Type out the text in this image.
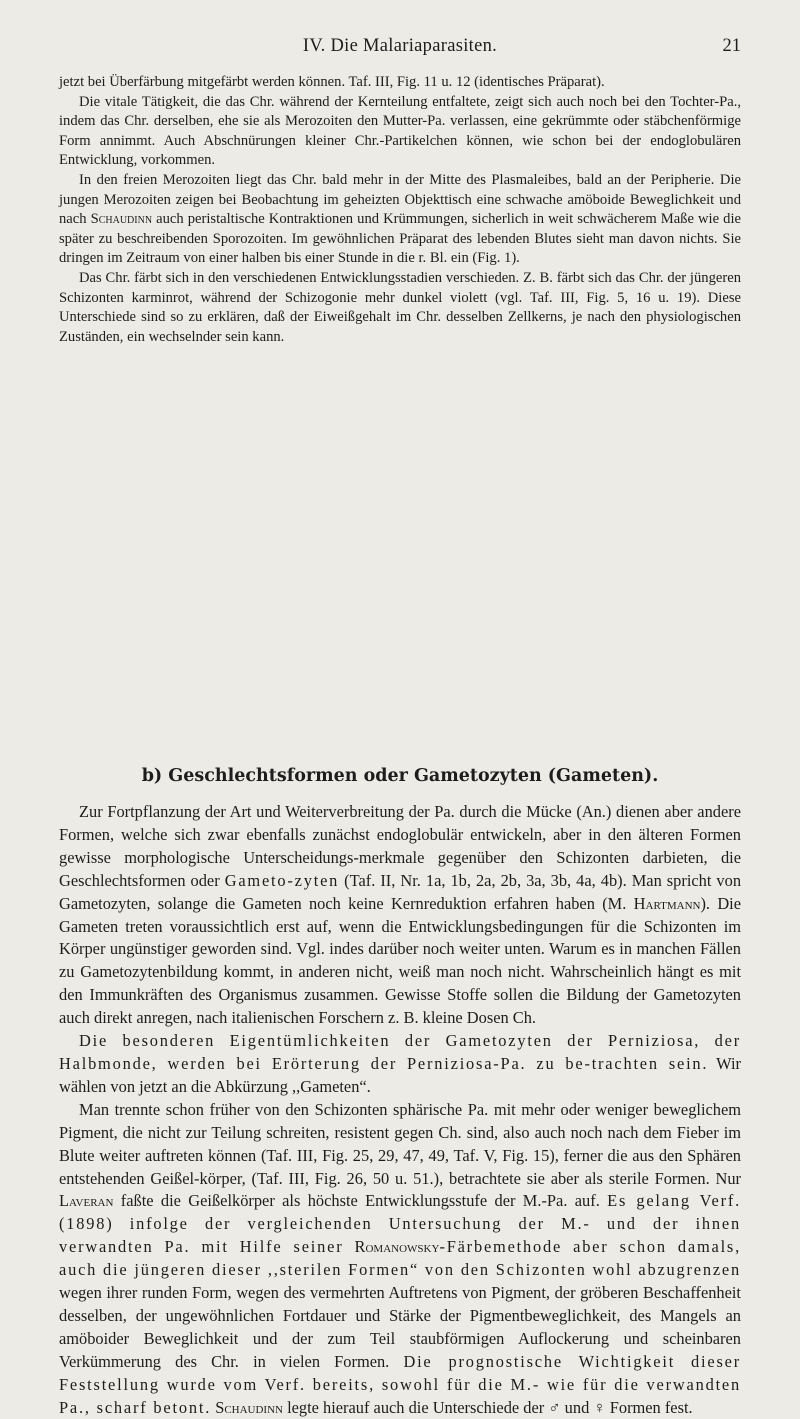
IV. Die Malariaparasiten.	21

jetzt bei Überfärbung mitgefärbt werden können. Taf. III, Fig. 11 u. 12 (identisches Präparat).

Die vitale Tätigkeit, die das Chr. während der Kernteilung entfaltete, zeigt sich auch noch bei den Tochter-Pa., indem das Chr. derselben, ehe sie als Merozoiten den Mutter-Pa. verlassen, eine gekrümmte oder stäbchenförmige Form annimmt. Auch Abschnürungen kleiner Chr.-Partikelchen können, wie schon bei der endoglobulären Entwicklung, vorkommen.

In den freien Merozoiten liegt das Chr. bald mehr in der Mitte des Plasmaleibes, bald an der Peripherie. Die jungen Merozoiten zeigen bei Beobachtung im geheizten Objekttisch eine schwache amöboide Beweglichkeit und nach Schaudinn auch peristaltische Kontraktionen und Krümmungen, sicherlich in weit schwächerem Maße wie die später zu beschreibenden Sporozoiten. Im gewöhnlichen Präparat des lebenden Blutes sieht man davon nichts. Sie dringen im Zeitraum von einer halben bis einer Stunde in die r. Bl. ein (Fig. 1).

Das Chr. färbt sich in den verschiedenen Entwicklungsstadien verschieden. Z. B. färbt sich das Chr. der jüngeren Schizonten karminrot, während der Schizogonie mehr dunkel violett (vgl. Taf. III, Fig. 5, 16 u. 19). Diese Unterschiede sind so zu erklären, daß der Eiweißgehalt im Chr. desselben Zellkerns, je nach den physiologischen Zuständen, ein wechselnder sein kann.

b) Geschlechtsformen oder Gametozyten (Gameten).

Zur Fortpflanzung der Art und Weiterverbreitung der Pa. durch die Mücke (An.) dienen aber andere Formen, welche sich zwar ebenfalls zunächst endoglobulär entwickeln, aber in den älteren Formen gewisse morphologische Unterscheidungs-merkmale gegenüber den Schizonten darbieten, die Geschlechtsformen oder Gameto-zyten (Taf. II, Nr. 1a, 1b, 2a, 2b, 3a, 3b, 4a, 4b). Man spricht von Gametozyten, solange die Gameten noch keine Kernreduktion erfahren haben (M. Hartmann). Die Gameten treten voraussichtlich erst auf, wenn die Entwicklungsbedingungen für die Schizonten im Körper ungünstiger geworden sind. Vgl. indes darüber noch weiter unten. Warum es in manchen Fällen zu Gametozytenbildung kommt, in anderen nicht, weiß man noch nicht. Wahrscheinlich hängt es mit den Immunkräften des Organismus zusammen. Gewisse Stoffe sollen die Bildung der Gametozyten auch direkt anregen, nach italienischen Forschern z. B. kleine Dosen Ch.

Die besonderen Eigentümlichkeiten der Gametozyten der Perniziosa, der Halbmonde, werden bei Erörterung der Perniziosa-Pa. zu be-trachten sein. Wir wählen von jetzt an die Abkürzung ,,Gameten“.

Man trennte schon früher von den Schizonten sphärische Pa. mit mehr oder weniger beweglichem Pigment, die nicht zur Teilung schreiten, resistent gegen Ch. sind, also auch noch nach dem Fieber im Blute weiter auftreten können (Taf. III, Fig. 25, 29, 47, 49, Taf. V, Fig. 15), ferner die aus den Sphären entstehenden Geißel-körper, (Taf. III, Fig. 26, 50 u. 51.), betrachtete sie aber als sterile Formen. Nur Laveran faßte die Geißelkörper als höchste Entwicklungsstufe der M.-Pa. auf. Es gelang Verf. (1898) infolge der vergleichenden Untersuchung der M.- und der ihnen verwandten Pa. mit Hilfe seiner Romanowsky-Färbemethode aber schon damals, auch die jüngeren dieser ,,sterilen Formen“ von den Schizonten wohl abzugrenzen wegen ihrer runden Form, wegen des vermehrten Auftretens von Pigment, der gröberen Beschaffenheit desselben, der ungewöhnlichen Fortdauer und Stärke der Pigmentbeweglichkeit, des Mangels an amöboider Beweglichkeit und der zum Teil staubförmigen Auflockerung und scheinbaren Verkümmerung des Chr. in vielen Formen. Die prognostische Wichtigkeit dieser Feststellung wurde vom Verf. bereits, sowohl für die M.- wie für die verwandten Pa., scharf betont. Schaudinn legte hierauf auch die Unterschiede der ♂ und ♀ Formen fest.
